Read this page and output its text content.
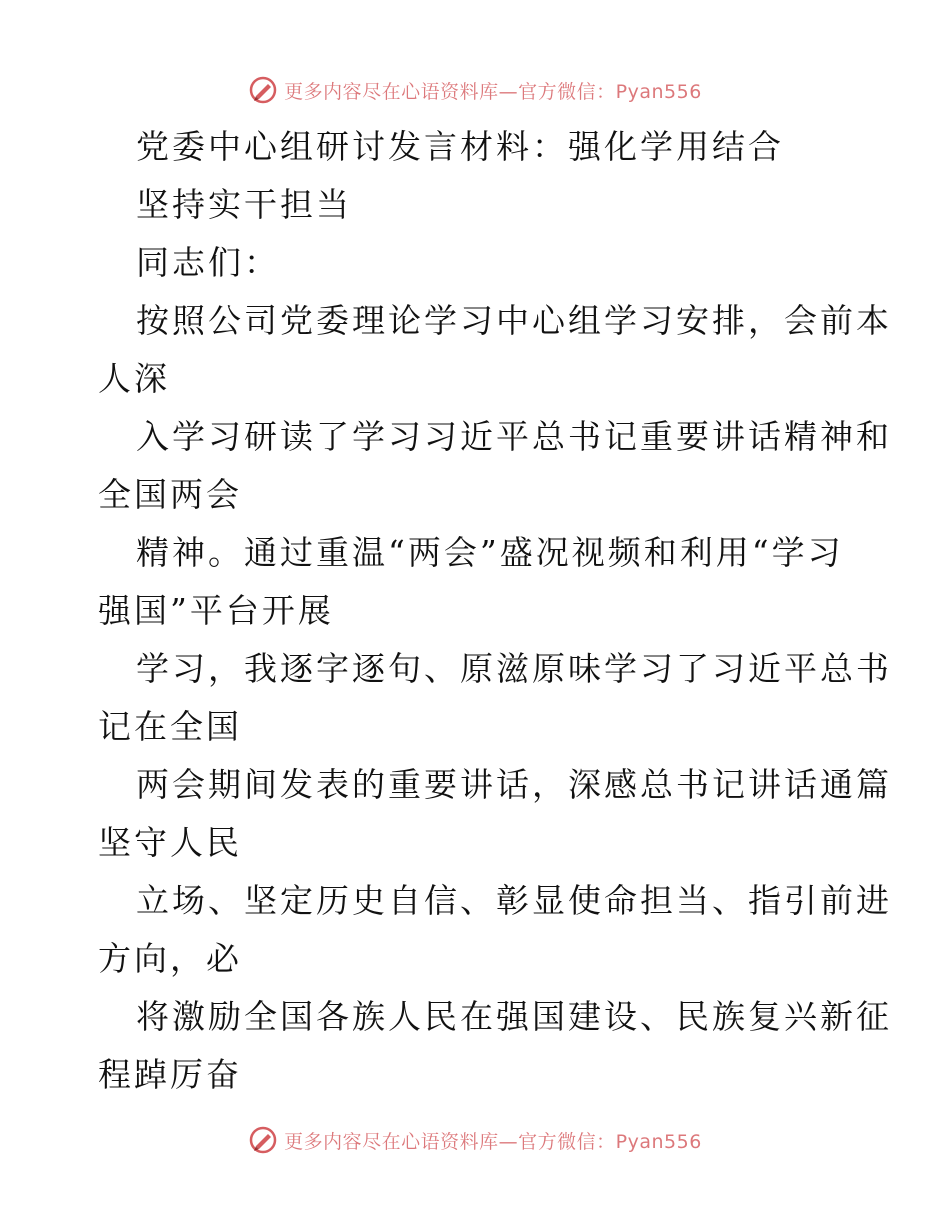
更多内容尽在心语资料库—官方微信：Pyan556
党委中心组研讨发言材料：强化学用结合
坚持实干担当
同志们：
按照公司党委理论学习中心组学习安排，会前本
人深
入学习研读了学习习近平总书记重要讲话精神和
全国两会
精神。通过重温“两会”盛况视频和利用“学习
强国”平台开展
学习，我逐字逐句、原滋原味学习了习近平总书
记在全国
两会期间发表的重要讲话，深感总书记讲话通篇
坚守人民
立场、坚定历史自信、彰显使命担当、指引前进
方向，必
将激励全国各族人民在强国建设、民族复兴新征
程踔厉奋
更多内容尽在心语资料库—官方微信：Pyan556
